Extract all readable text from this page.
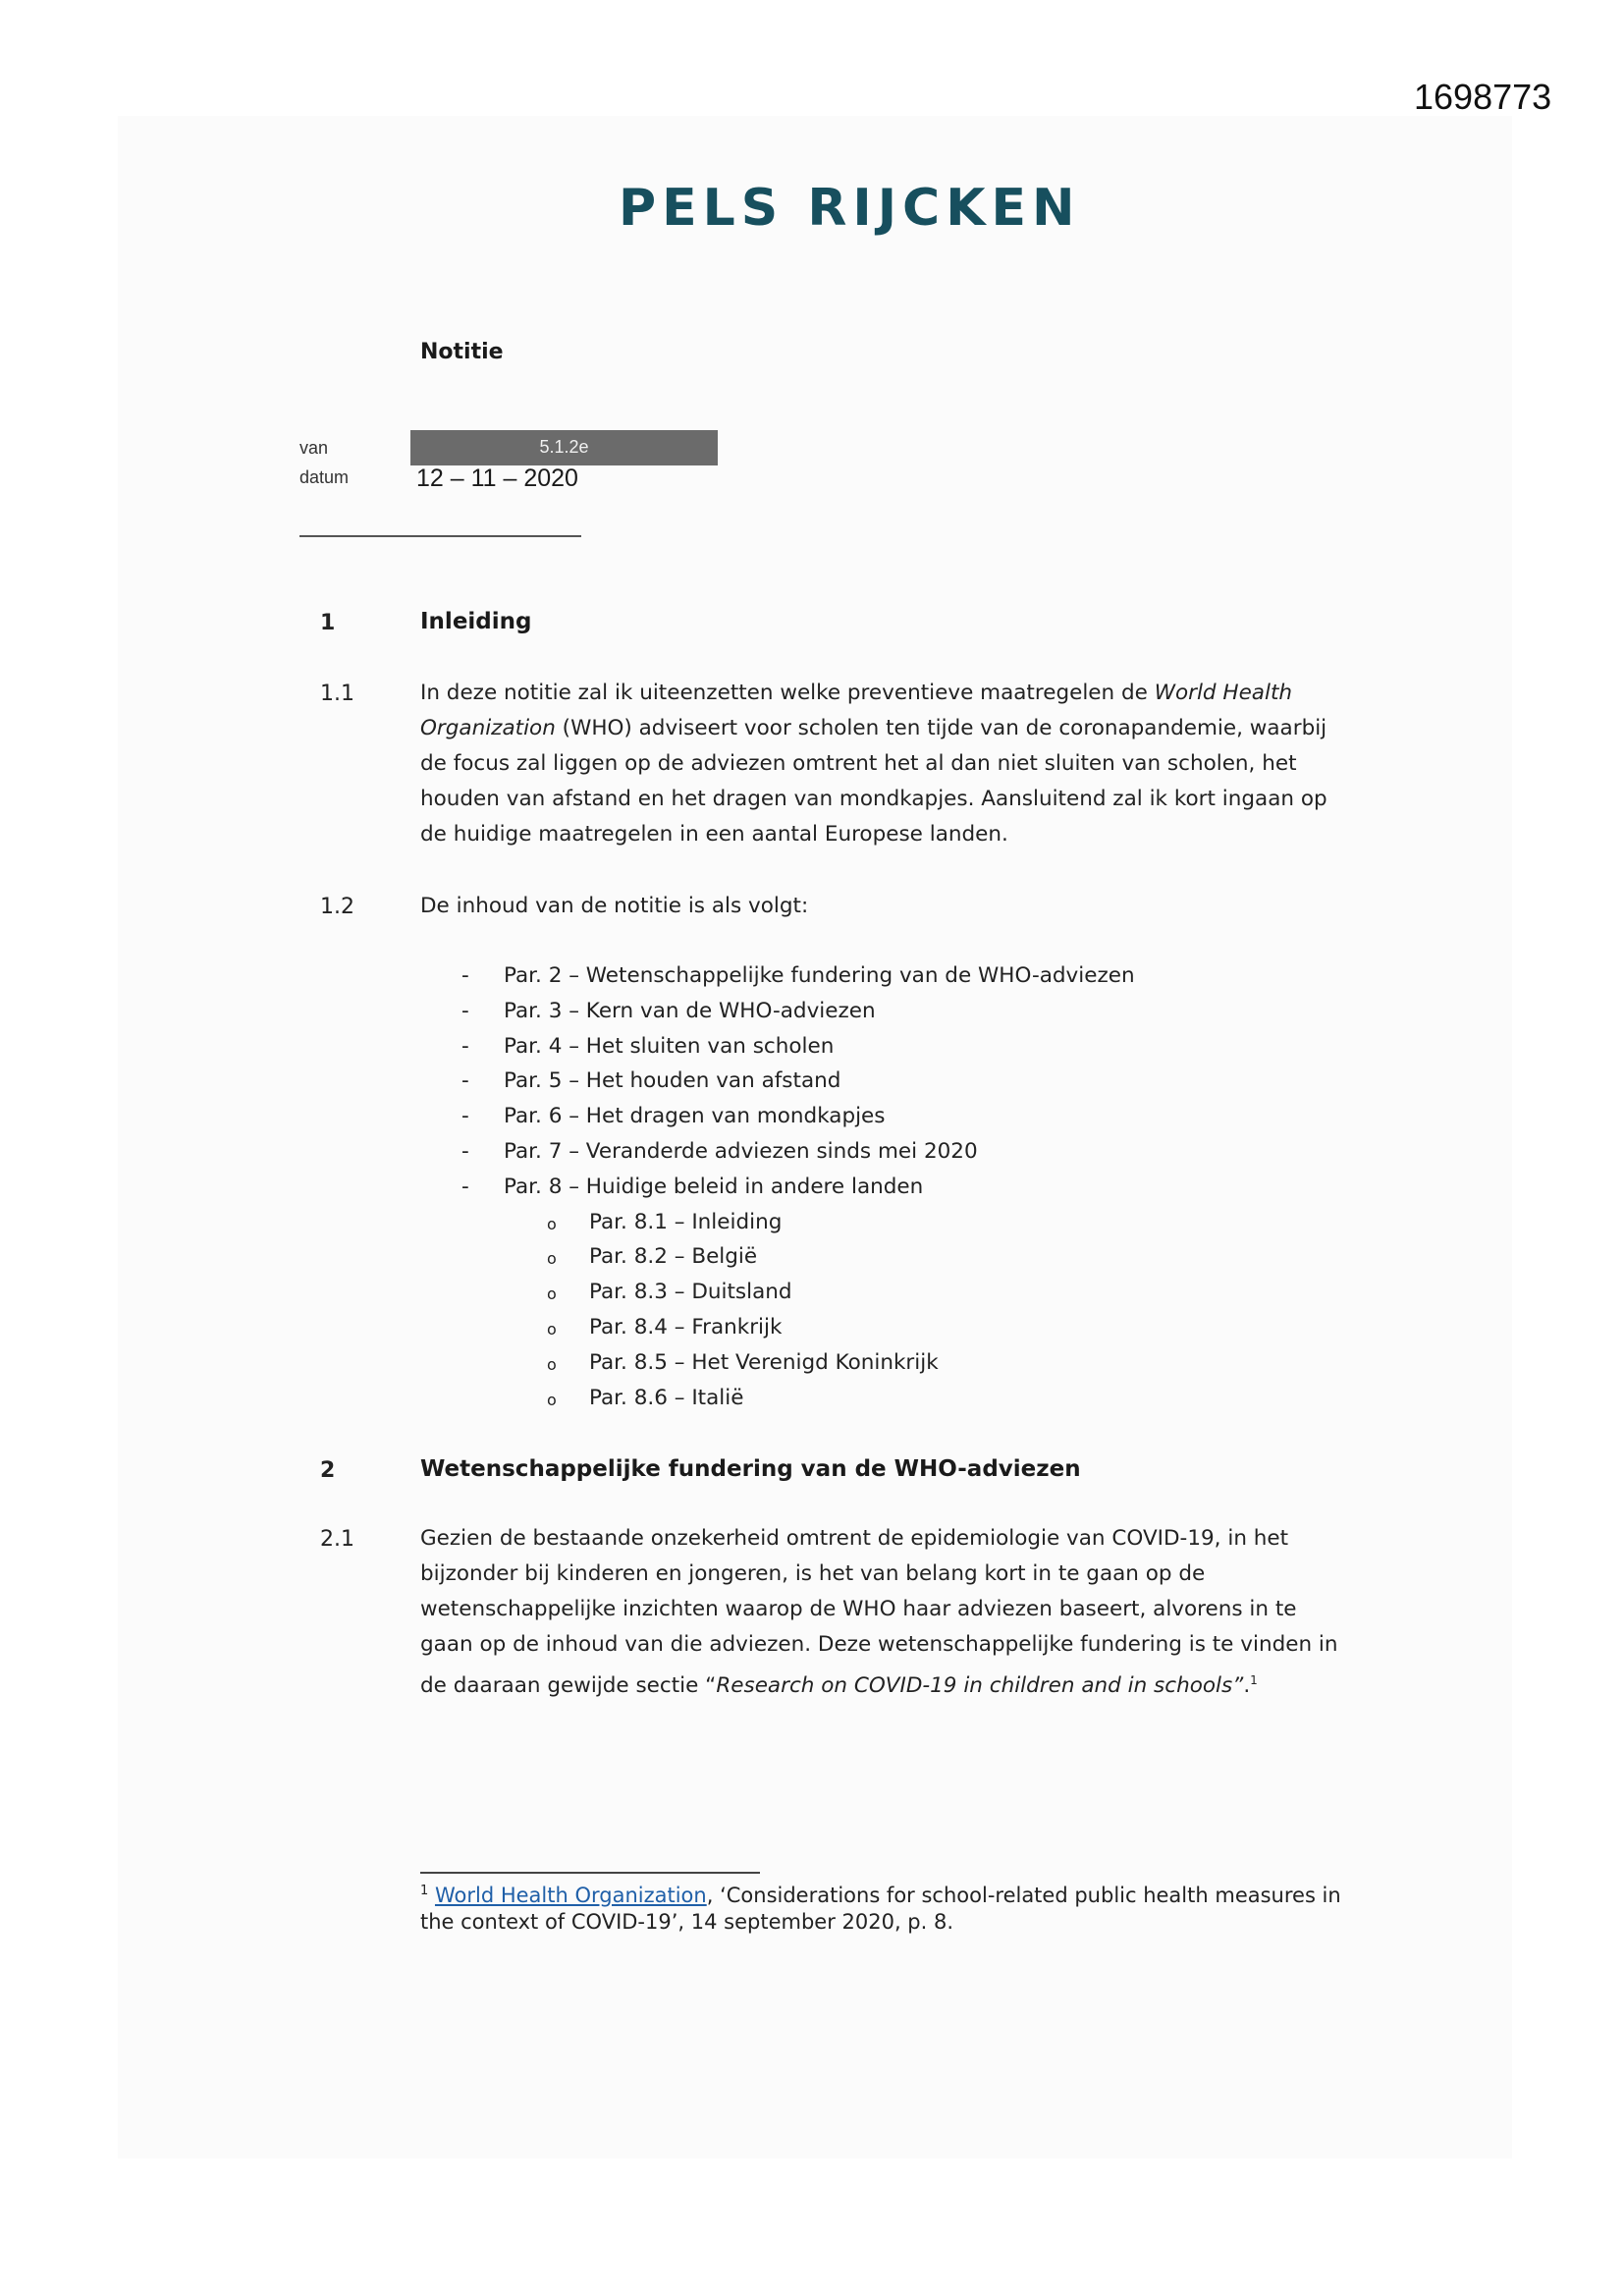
1698773
PELS RIJCKEN
Notitie
van	5.1.2e
datum	12 – 11 – 2020
1	Inleiding
1.1	In deze notitie zal ik uiteenzetten welke preventieve maatregelen de World Health Organization (WHO) adviseert voor scholen ten tijde van de coronapandemie, waarbij de focus zal liggen op de adviezen omtrent het al dan niet sluiten van scholen, het houden van afstand en het dragen van mondkapjes. Aansluitend zal ik kort ingaan op de huidige maatregelen in een aantal Europese landen.

1.2	De inhoud van de notitie is als volgt:
- Par. 2 – Wetenschappelijke fundering van de WHO-adviezen
- Par. 3 – Kern van de WHO-adviezen
- Par. 4 – Het sluiten van scholen
- Par. 5 – Het houden van afstand
- Par. 6 – Het dragen van mondkapjes
- Par. 7 – Veranderde adviezen sinds mei 2020
- Par. 8 – Huidige beleid in andere landen
o Par. 8.1 – Inleiding
o Par. 8.2 – België
o Par. 8.3 – Duitsland
o Par. 8.4 – Frankrijk
o Par. 8.5 – Het Verenigd Koninkrijk
o Par. 8.6 – Italië
2	Wetenschappelijke fundering van de WHO-adviezen
2.1	Gezien de bestaande onzekerheid omtrent de epidemiologie van COVID-19, in het bijzonder bij kinderen en jongeren, is het van belang kort in te gaan op de wetenschappelijke inzichten waarop de WHO haar adviezen baseert, alvorens in te gaan op de inhoud van die adviezen. Deze wetenschappelijke fundering is te vinden in de daaraan gewijde sectie “Research on COVID-19 in children and in schools”.$^1$

$^1$ World Health Organization, ‘Considerations for school-related public health measures in the context of COVID-19’, 14 september 2020, p. 8.
